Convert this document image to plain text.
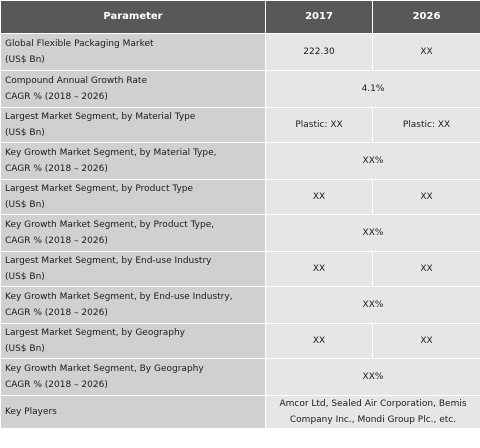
Parameter	2017	2026

Global Flexible Packaging Market
(US$ Bn)	222.30	XX

Compound Annual Growth Rate
CAGR % (2018 – 2026)	4.1%	

Largest Market Segment, by Material Type
(US$ Bn)	Plastic: XX	Plastic: XX

Key Growth Market Segment, by Material Type,
CAGR % (2018 – 2026)	XX%	

Largest Market Segment, by Product Type
(US$ Bn)	XX	XX

Key Growth Market Segment, by Product Type,
CAGR % (2018 – 2026)	XX%	

Largest Market Segment, by End-use Industry
(US$ Bn)	XX	XX

Key Growth Market Segment, by End-use Industry,
CAGR % (2018 – 2026)	XX%	

Largest Market Segment, by Geography
(US$ Bn)	XX	XX

Key Growth Market Segment, By Geography
CAGR % (2018 – 2026)	XX%	
Key Players	Amcor Ltd, Sealed Air Corporation, Bemis
Company Inc., Mondi Group Plc., etc.	
